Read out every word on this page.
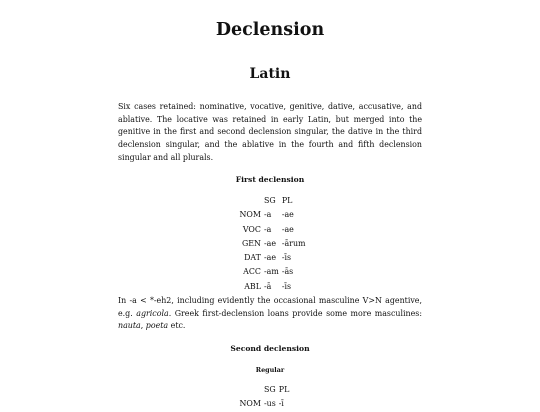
Declension
Latin

Six cases retained: nominative, vocative, genitive, dative, accusative, and ablative. The locative was retained in early Latin, but merged into the genitive in the first and second declension singular, the dative in the third declension singular, and the ablative in the fourth and fifth declension singular and all plurals.

First declension

	SG	PL
NOM	-a	-ae
VOC	-a	-ae
GEN	-ae	-ārum
DAT	-ae	-īs
ACC	-am	-ās
ABL	-ā	-īs

In -a < *-eh2, including evidently the occasional masculine V>N agentive, e.g. agricola. Greek first-declension loans provide some more masculines: nauta, poeta etc.

Second declension

Regular

	SG	PL
NOM	-us	-ī
